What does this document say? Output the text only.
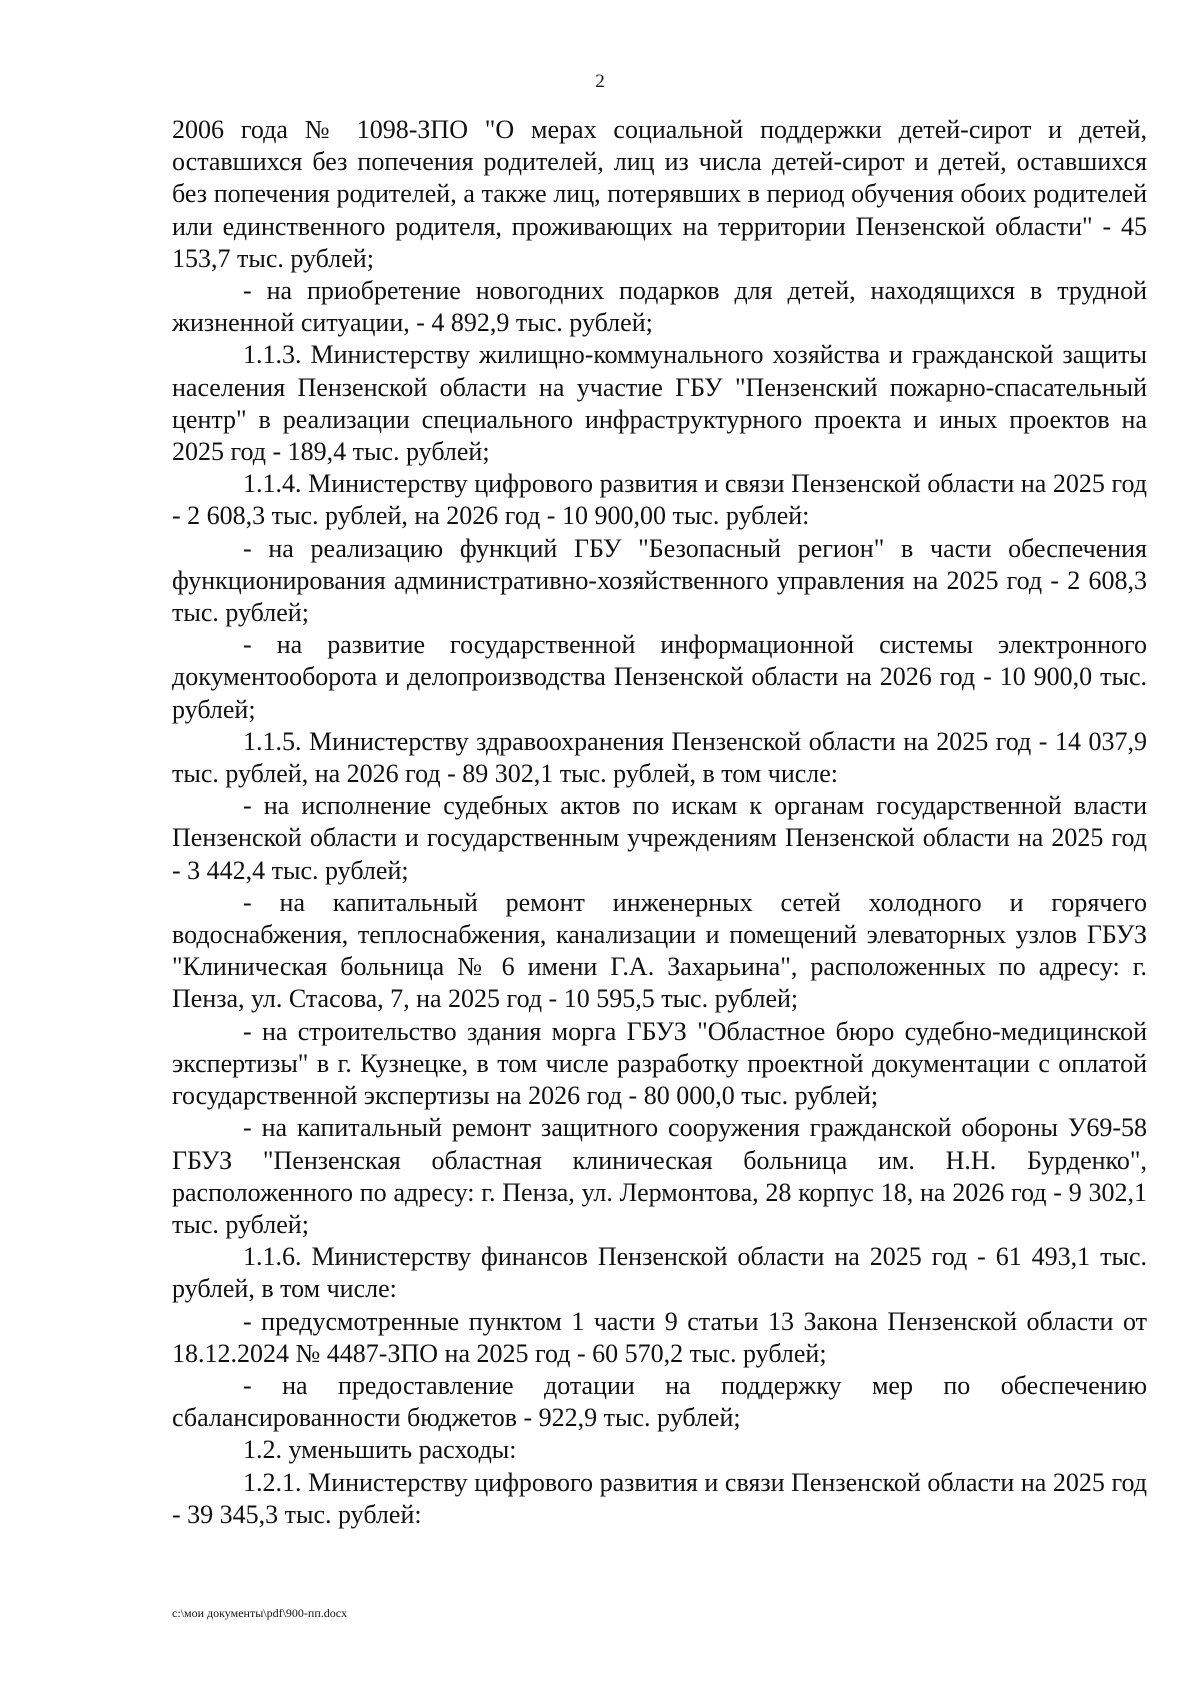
2

2006 года № 1098-ЗПО "О мерах социальной поддержки детей-сирот и детей, оставшихся без попечения родителей, лиц из числа детей-сирот и детей, оставшихся без попечения родителей, а также лиц, потерявших в период обучения обоих родителей или единственного родителя, проживающих на территории Пензенской области" - 45 153,7 тыс. рублей;

- на приобретение новогодних подарков для детей, находящихся в трудной жизненной ситуации, - 4 892,9 тыс. рублей;

1.1.3. Министерству жилищно-коммунального хозяйства и гражданской защиты населения Пензенской области на участие ГБУ "Пензенский пожарно-спасательный центр" в реализации специального инфраструктурного проекта и иных проектов на 2025 год - 189,4 тыс. рублей;

1.1.4. Министерству цифрового развития и связи Пензенской области на 2025 год - 2 608,3 тыс. рублей, на 2026 год - 10 900,00 тыс. рублей:

- на реализацию функций ГБУ "Безопасный регион" в части обеспечения функционирования административно-хозяйственного управления на 2025 год - 2 608,3 тыс. рублей;

- на развитие государственной информационной системы электронного документооборота и делопроизводства Пензенской области на 2026 год - 10 900,0 тыс. рублей;

1.1.5. Министерству здравоохранения Пензенской области на 2025 год - 14 037,9 тыс. рублей, на 2026 год - 89 302,1 тыс. рублей, в том числе:

- на исполнение судебных актов по искам к органам государственной власти Пензенской области и государственным учреждениям Пензенской области на 2025 год - 3 442,4 тыс. рублей;

- на капитальный ремонт инженерных сетей холодного и горячего водоснабжения, теплоснабжения, канализации и помещений элеваторных узлов ГБУЗ "Клиническая больница № 6 имени Г.А. Захарьина", расположенных по адресу: г. Пенза, ул. Стасова, 7, на 2025 год - 10 595,5 тыс. рублей;

- на строительство здания морга ГБУЗ "Областное бюро судебно-медицинской экспертизы" в г. Кузнецке, в том числе разработку проектной документации с оплатой государственной экспертизы на 2026 год - 80 000,0 тыс. рублей;

- на капитальный ремонт защитного сооружения гражданской обороны У69-58 ГБУЗ "Пензенская областная клиническая больница им. Н.Н. Бурденко", расположенного по адресу: г. Пенза, ул. Лермонтова, 28 корпус 18, на 2026 год - 9 302,1 тыс. рублей;

1.1.6. Министерству финансов Пензенской области на 2025 год - 61 493,1 тыс. рублей, в том числе:

- предусмотренные пунктом 1 части 9 статьи 13 Закона Пензенской области от 18.12.2024 № 4487-ЗПО на 2025 год - 60 570,2 тыс. рублей;

- на предоставление дотации на поддержку мер по обеспечению сбалансированности бюджетов - 922,9 тыс. рублей;

1.2. уменьшить расходы:

1.2.1. Министерству цифрового развития и связи Пензенской области на 2025 год - 39 345,3 тыс. рублей:

c:\мои документы\pdf\900-пп.docx
